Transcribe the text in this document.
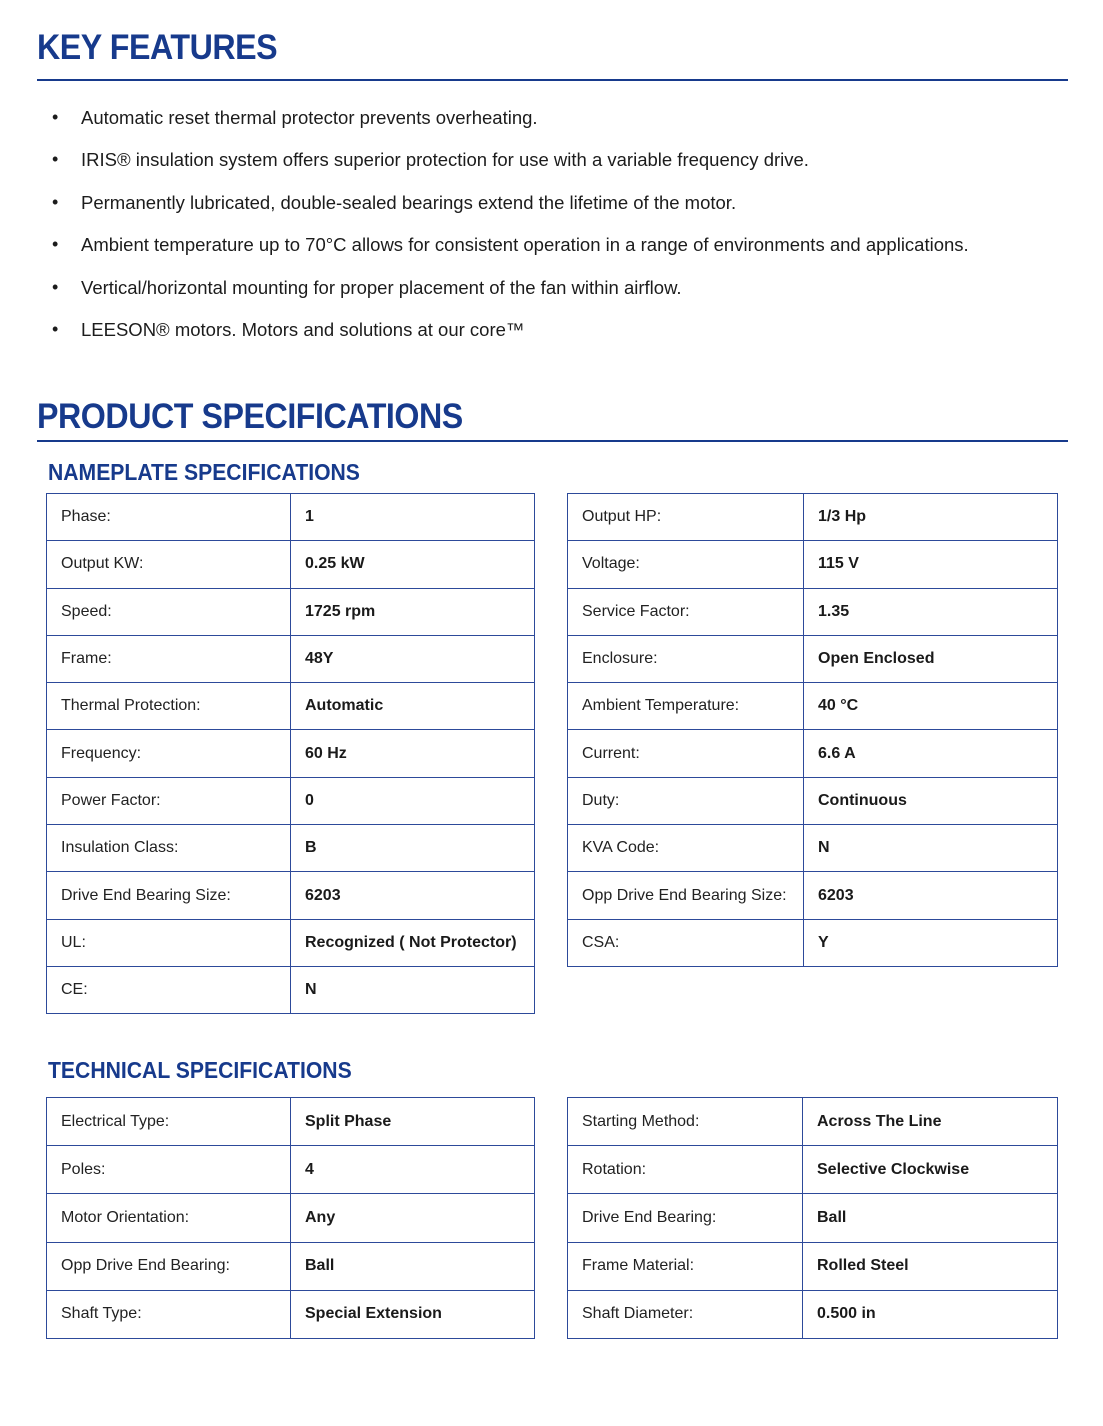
KEY FEATURES
•	Automatic reset thermal protector prevents overheating.
•	IRIS® insulation system offers superior protection for use with a variable frequency drive.
•	Permanently lubricated, double-sealed bearings extend the lifetime of the motor.
•	Ambient temperature up to 70°C allows for consistent operation in a range of environments and applications.
•	Vertical/horizontal mounting for proper placement of the fan within airflow.
•	LEESON® motors. Motors and solutions at our core™
PRODUCT SPECIFICATIONS
NAMEPLATE SPECIFICATIONS
Phase:	1
Output KW:	0.25 kW
Speed:	1725 rpm
Frame:	48Y
Thermal Protection:	Automatic
Frequency:	60 Hz
Power Factor:	0
Insulation Class:	B
Drive End Bearing Size:	6203
UL:	Recognized ( Not Protector)
CE:	N
Output HP:	1/3 Hp
Voltage:	115 V
Service Factor:	1.35
Enclosure:	Open Enclosed
Ambient Temperature:	40 °C
Current:	6.6 A
Duty:	Continuous
KVA Code:	N
Opp Drive End Bearing Size:	6203
CSA:	Y
TECHNICAL SPECIFICATIONS
Electrical Type:	Split Phase
Poles:	4
Motor Orientation:	Any
Opp Drive End Bearing:	Ball
Shaft Type:	Special Extension
Starting Method:	Across The Line
Rotation:	Selective Clockwise
Drive End Bearing:	Ball
Frame Material:	Rolled Steel
Shaft Diameter:	0.500 in
